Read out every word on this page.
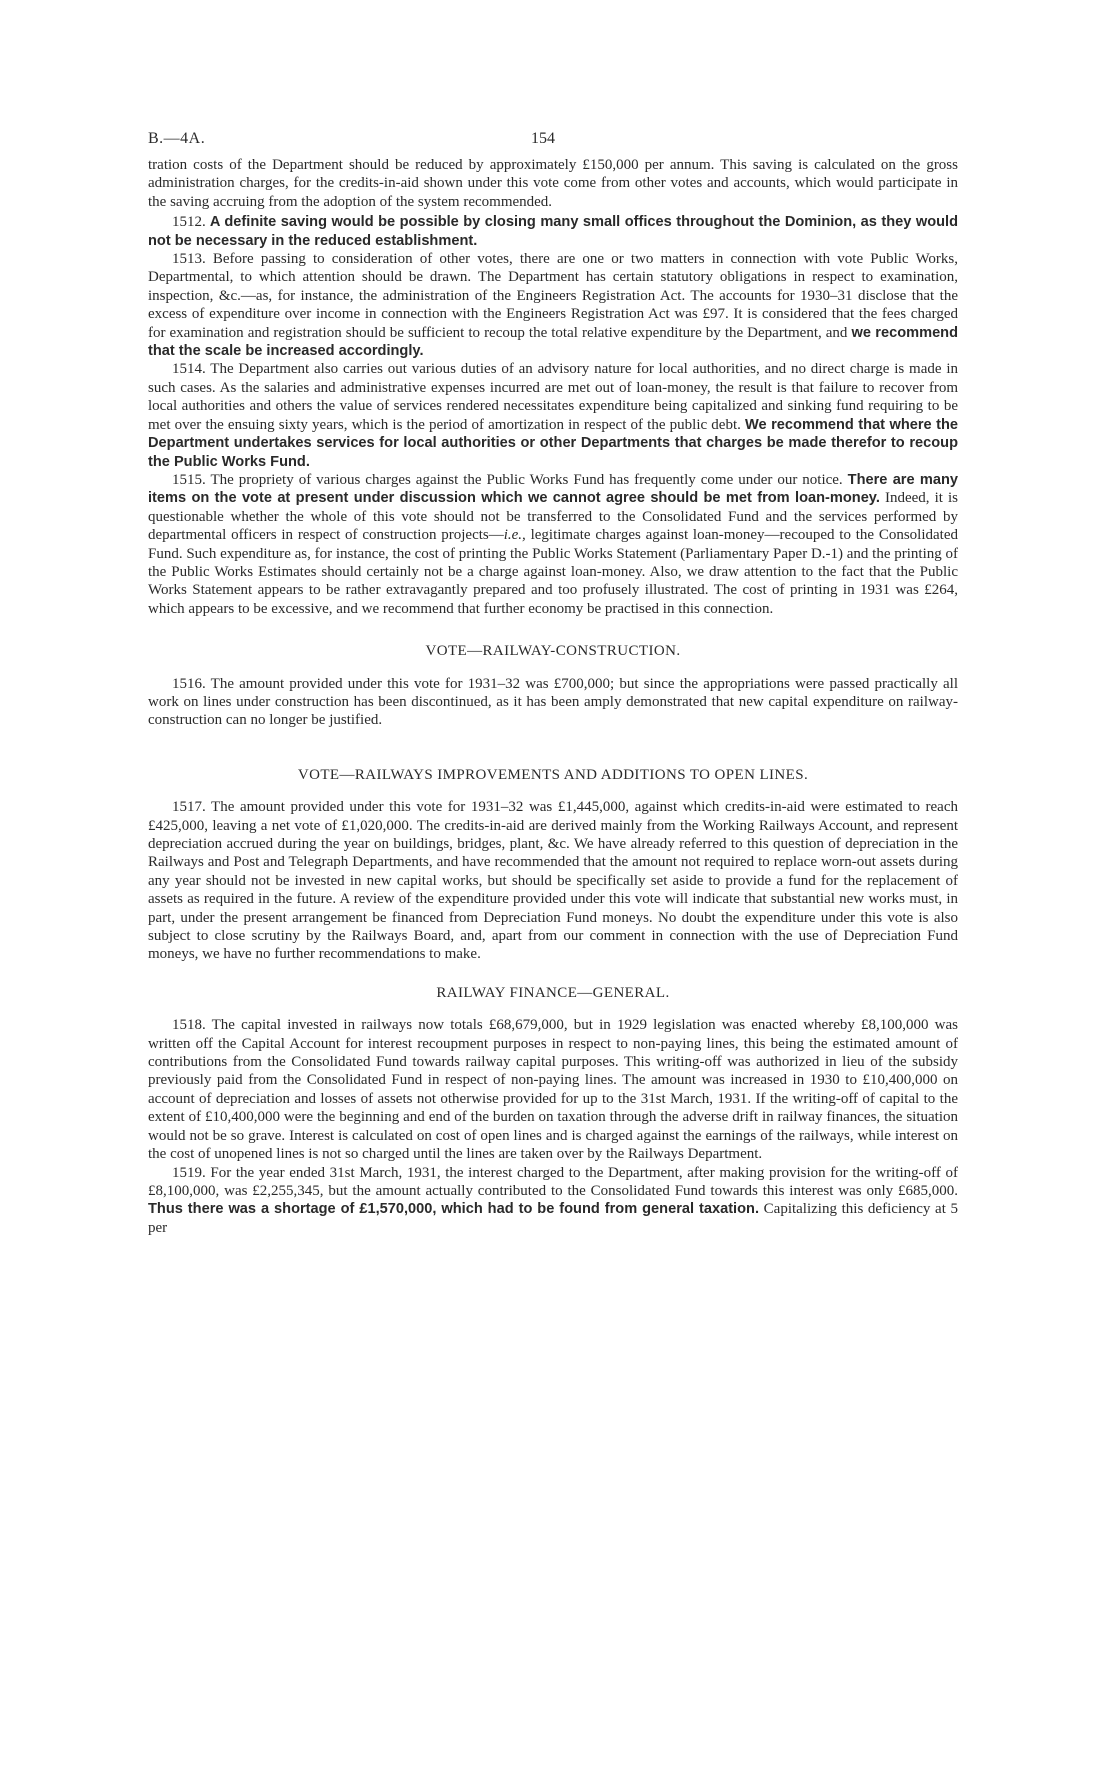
B.—4A.	154

tration costs of the Department should be reduced by approximately £150,000 per annum. This saving is calculated on the gross administration charges, for the credits-in-aid shown under this vote come from other votes and accounts, which would participate in the saving accruing from the adoption of the system recommended.

1512. A definite saving would be possible by closing many small offices throughout the Dominion, as they would not be necessary in the reduced establishment.

1513. Before passing to consideration of other votes, there are one or two matters in connection with vote Public Works, Departmental, to which attention should be drawn. The Department has certain statutory obligations in respect to examination, inspection, &c.—as, for instance, the administration of the Engineers Registration Act. The accounts for 1930–31 disclose that the excess of expenditure over income in connection with the Engineers Registration Act was £97. It is considered that the fees charged for examination and registration should be sufficient to recoup the total relative expenditure by the Department, and we recommend that the scale be increased accordingly.

1514. The Department also carries out various duties of an advisory nature for local authorities, and no direct charge is made in such cases. As the salaries and administrative expenses incurred are met out of loan-money, the result is that failure to recover from local authorities and others the value of services rendered necessitates expenditure being capitalized and sinking fund requiring to be met over the ensuing sixty years, which is the period of amortization in respect of the public debt. We recommend that where the Department undertakes services for local authorities or other Departments that charges be made therefor to recoup the Public Works Fund.

1515. The propriety of various charges against the Public Works Fund has frequently come under our notice. There are many items on the vote at present under discussion which we cannot agree should be met from loan-money. Indeed, it is questionable whether the whole of this vote should not be transferred to the Consolidated Fund and the services performed by departmental officers in respect of construction projects—i.e., legitimate charges against loan-money—recouped to the Consolidated Fund. Such expenditure as, for instance, the cost of printing the Public Works Statement (Parliamentary Paper D.-1) and the printing of the Public Works Estimates should certainly not be a charge against loan-money. Also, we draw attention to the fact that the Public Works Statement appears to be rather extravagantly prepared and too profusely illustrated. The cost of printing in 1931 was £264, which appears to be excessive, and we recommend that further economy be practised in this connection.

VOTE—RAILWAY-CONSTRUCTION.

1516. The amount provided under this vote for 1931–32 was £700,000; but since the appropriations were passed practically all work on lines under construction has been discontinued, as it has been amply demonstrated that new capital expenditure on railway-construction can no longer be justified.

VOTE—RAILWAYS IMPROVEMENTS AND ADDITIONS TO OPEN LINES.

1517. The amount provided under this vote for 1931–32 was £1,445,000, against which credits-in-aid were estimated to reach £425,000, leaving a net vote of £1,020,000. The credits-in-aid are derived mainly from the Working Railways Account, and represent depreciation accrued during the year on buildings, bridges, plant, &c. We have already referred to this question of depreciation in the Railways and Post and Telegraph Departments, and have recommended that the amount not required to replace worn-out assets during any year should not be invested in new capital works, but should be specifically set aside to provide a fund for the replacement of assets as required in the future. A review of the expenditure provided under this vote will indicate that substantial new works must, in part, under the present arrangement be financed from Depreciation Fund moneys. No doubt the expenditure under this vote is also subject to close scrutiny by the Railways Board, and, apart from our comment in connection with the use of Depreciation Fund moneys, we have no further recommendations to make.

RAILWAY FINANCE—GENERAL.

1518. The capital invested in railways now totals £68,679,000, but in 1929 legislation was enacted whereby £8,100,000 was written off the Capital Account for interest recoupment purposes in respect to non-paying lines, this being the estimated amount of contributions from the Consolidated Fund towards railway capital purposes. This writing-off was authorized in lieu of the subsidy previously paid from the Consolidated Fund in respect of non-paying lines. The amount was increased in 1930 to £10,400,000 on account of depreciation and losses of assets not otherwise provided for up to the 31st March, 1931. If the writing-off of capital to the extent of £10,400,000 were the beginning and end of the burden on taxation through the adverse drift in railway finances, the situation would not be so grave. Interest is calculated on cost of open lines and is charged against the earnings of the railways, while interest on the cost of unopened lines is not so charged until the lines are taken over by the Railways Department.

1519. For the year ended 31st March, 1931, the interest charged to the Department, after making provision for the writing-off of £8,100,000, was £2,255,345, but the amount actually contributed to the Consolidated Fund towards this interest was only £685,000. Thus there was a shortage of £1,570,000, which had to be found from general taxation. Capitalizing this deficiency at 5 per
